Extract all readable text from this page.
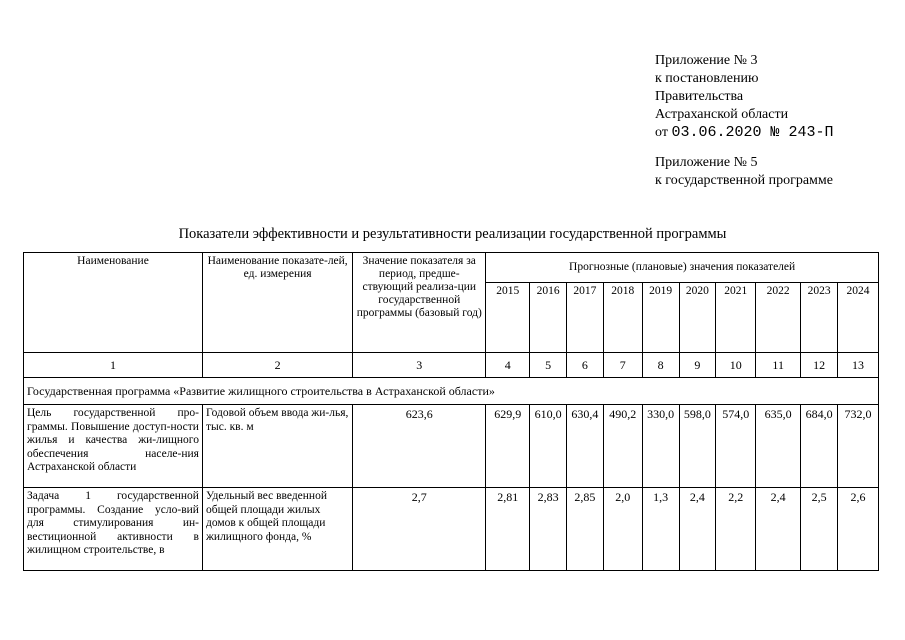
Приложение № 3
к постановлению
Правительства
Астраханской области
от 03.06.2020 № 243-П
Приложение № 5
к государственной программе
Показатели эффективности и результативности реализации государственной программы
Наименование	Наименование показате-лей, ед. измерения	Значение показателя за период, предше-ствующий реализа-ции государственной программы (базовый год)	Прогнозные (плановые) значения показателей									
			2015	2016	2017	2018	2019	2020	2021	2022	2023	2024
1	2	3	4	5	6	7	8	9	10	11	12	13
Государственная программа «Развитие жилищного строительства в Астраханской области»												
Цель государственной про-граммы. Повышение доступ-ности жилья и качества жи-лищного обеспечения населе-ния Астраханской области	Годовой объем ввода жи-лья, тыс. кв. м	623,6	629,9	610,0	630,4	490,2	330,0	598,0	574,0	635,0	684,0	732,0
Задача 1 государственной программы. Создание усло-вий для стимулирования ин-вестиционной активности в жилищном строительстве, в	Удельный вес введенной общей площади жилых домов к общей площади жилищного фонда, %	2,7	2,81	2,83	2,85	2,0	1,3	2,4	2,2	2,4	2,5	2,6
